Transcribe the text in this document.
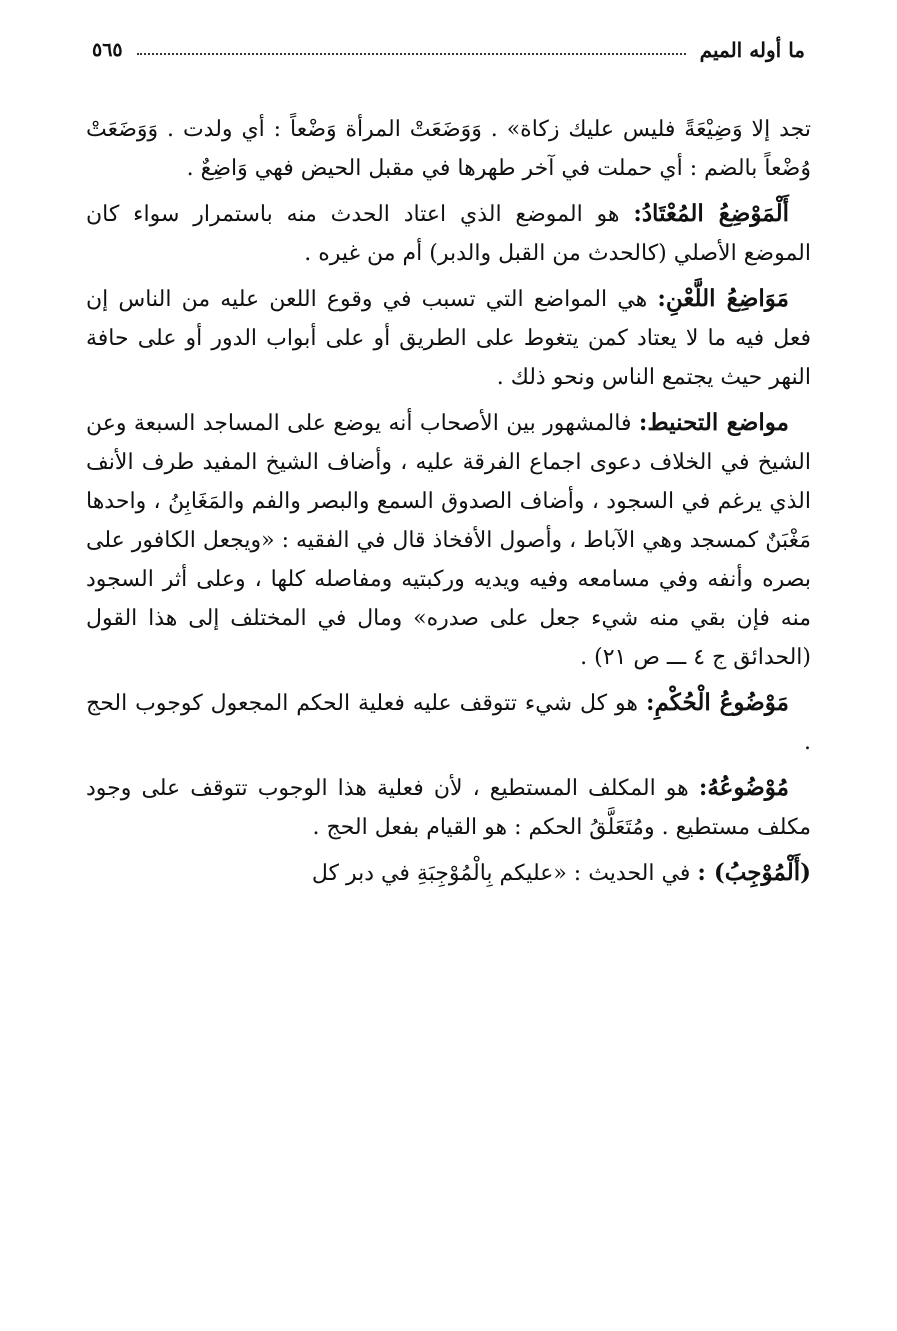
ما أوله الميم
٥٦٥

تجد إلا وَضِيْعَةً فليس عليك زكاة» . وَوَضَعَتْ المرأة وَضْعاً : أي ولدت . وَوَضَعَتْ وُضْعاً بالضم : أي حملت في آخر طهرها في مقبل الحيض فهي وَاضِعٌ .

أَلْمَوْضِعُ المُعْتَادُ: هو الموضع الذي اعتاد الحدث منه باستمرار سواء كان الموضع الأصلي (كالحدث من القبل والدبر) أم من غيره .

مَوَاضِعُ اللَّعْنِ: هي المواضع التي تسبب في وقوع اللعن عليه من الناس إن فعل فيه ما لا يعتاد كمن يتغوط على الطريق أو على أبواب الدور أو على حافة النهر حيث يجتمع الناس ونحو ذلك .

مواضع التحنيط: فالمشهور بين الأصحاب أنه يوضع على المساجد السبعة وعن الشيخ في الخلاف دعوى اجماع الفرقة عليه ، وأضاف الشيخ المفيد طرف الأنف الذي يرغم في السجود ، وأضاف الصدوق السمع والبصر والفم والمَغَابِنُ ، واحدها مَغْبَنٌ كمسجد وهي الآباط ، وأصول الأفخاذ قال في الفقيه : «ويجعل الكافور على بصره وأنفه وفي مسامعه وفيه ويديه وركبتيه ومفاصله كلها ، وعلى أثر السجود منه فإن بقي منه شيء جعل على صدره» ومال في المختلف إلى هذا القول (الحدائق ج ٤ ـــ ص ٢١) .

مَوْضُوعُ الْحُكْمِ: هو كل شيء تتوقف عليه فعلية الحكم المجعول كوجوب الحج .

مُوْضُوعُهُ: هو المكلف المستطيع ، لأن فعلية هذا الوجوب تتوقف على وجود مكلف مستطيع . ومُتَعَلَّقُ الحكم : هو القيام بفعل الحج .

(أَلْمُوْجِبُ) : في الحديث : «عليكم بِالْمُوْجِبَةِ في دبر كل
